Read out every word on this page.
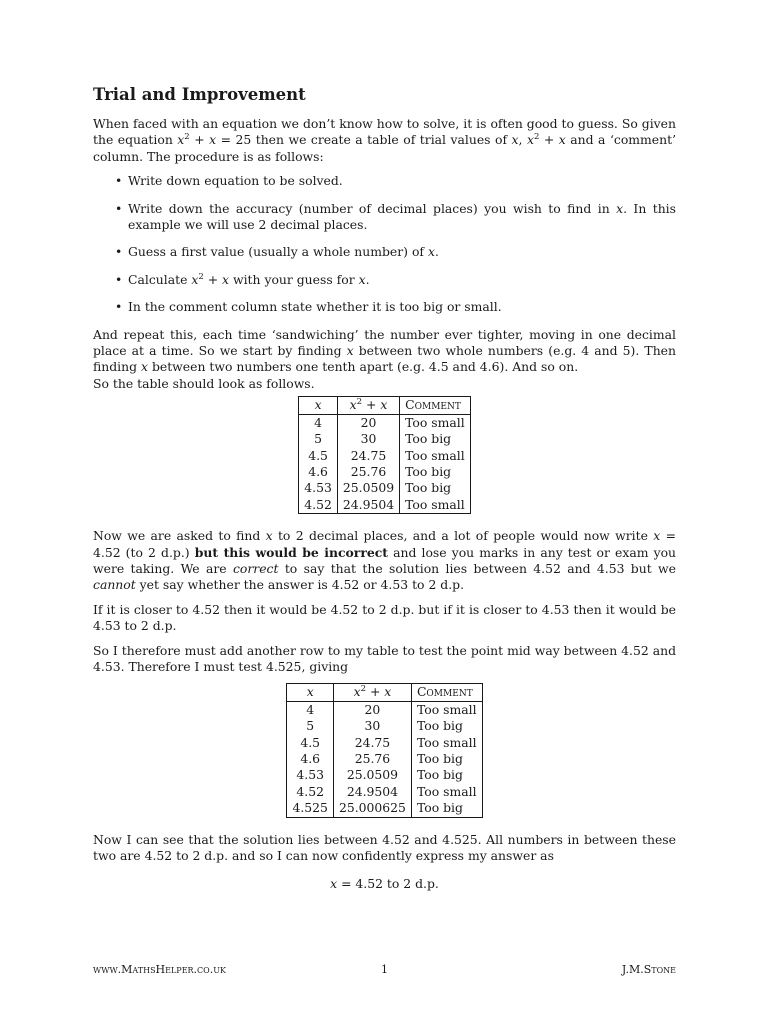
Trial and Improvement

When faced with an equation we don’t know how to solve, it is often good to guess. So given the equation $x^2 + x = 25$ then we create a table of trial values of x, $x^2 + x$ and a ‘comment’ column. The procedure is as follows:

• Write down equation to be solved.
• Write down the accuracy (number of decimal places) you wish to find in x. In this example we will use 2 decimal places.
• Guess a first value (usually a whole number) of x.
• Calculate $x^2 + x$ with your guess for x.
• In the comment column state whether it is too big or small.

And repeat this, each time ‘sandwiching’ the number ever tighter, moving in one decimal place at a time. So we start by finding x between two whole numbers (e.g. 4 and 5). Then finding x between two numbers one tenth apart (e.g. 4.5 and 4.6). And so on.

So the table should look as follows.

x	$x^2 + x$	Comment
4	20	Too small
5	30	Too big
4.5	24.75	Too small
4.6	25.76	Too big
4.53	25.0509	Too big
4.52	24.9504	Too small

Now we are asked to find x to 2 decimal places, and a lot of people would now write x = 4.52 (to 2 d.p.) but this would be incorrect and lose you marks in any test or exam you were taking. We are correct to say that the solution lies between 4.52 and 4.53 but we cannot yet say whether the answer is 4.52 or 4.53 to 2 d.p.

If it is closer to 4.52 then it would be 4.52 to 2 d.p. but if it is closer to 4.53 then it would be 4.53 to 2 d.p.

So I therefore must add another row to my table to test the point mid way between 4.52 and 4.53. Therefore I must test 4.525, giving

x	$x^2 + x$	Comment
4	20	Too small
5	30	Too big
4.5	24.75	Too small
4.6	25.76	Too big
4.53	25.0509	Too big
4.52	24.9504	Too small
4.525	25.000625	Too big

Now I can see that the solution lies between 4.52 and 4.525. All numbers in between these two are 4.52 to 2 d.p. and so I can now confidently express my answer as

x = 4.52 to 2 d.p.

www.MathsHelper.co.uk	1	J.M.Stone
